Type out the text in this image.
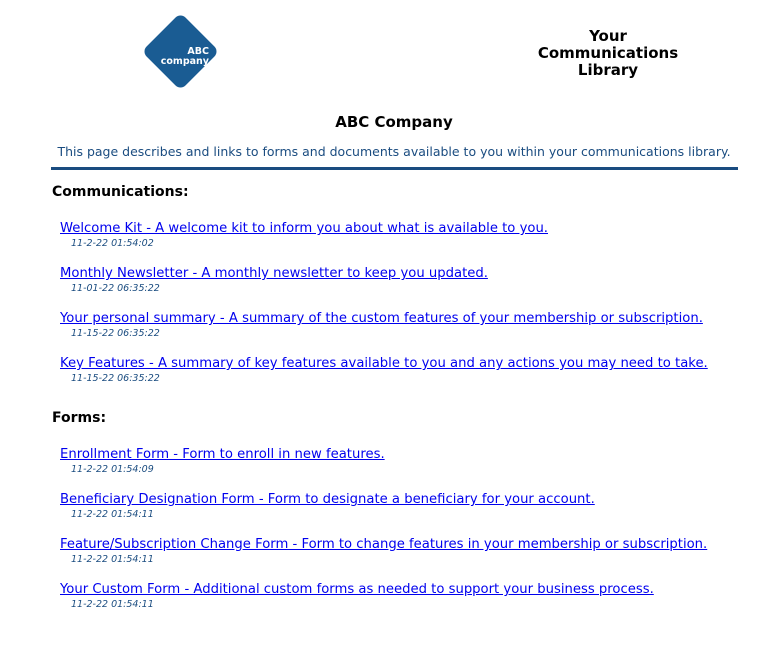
ABC
company
Your
Communications
Library
ABC Company
This page describes and links to forms and documents available to you within your communications library.
Communications:
Welcome Kit - A welcome kit to inform you about what is available to you.
11-2-22 01:54:02
Monthly Newsletter - A monthly newsletter to keep you updated.
11-01-22 06:35:22
Your personal summary - A summary of the custom features of your membership or subscription.
11-15-22 06:35:22
Key Features - A summary of key features available to you and any actions you may need to take.
11-15-22 06:35:22
Forms:
Enrollment Form - Form to enroll in new features.
11-2-22 01:54:09
Beneficiary Designation Form - Form to designate a beneficiary for your account.
11-2-22 01:54:11
Feature/Subscription Change Form - Form to change features in your membership or subscription.
11-2-22 01:54:11
Your Custom Form - Additional custom forms as needed to support your business process.
11-2-22 01:54:11
